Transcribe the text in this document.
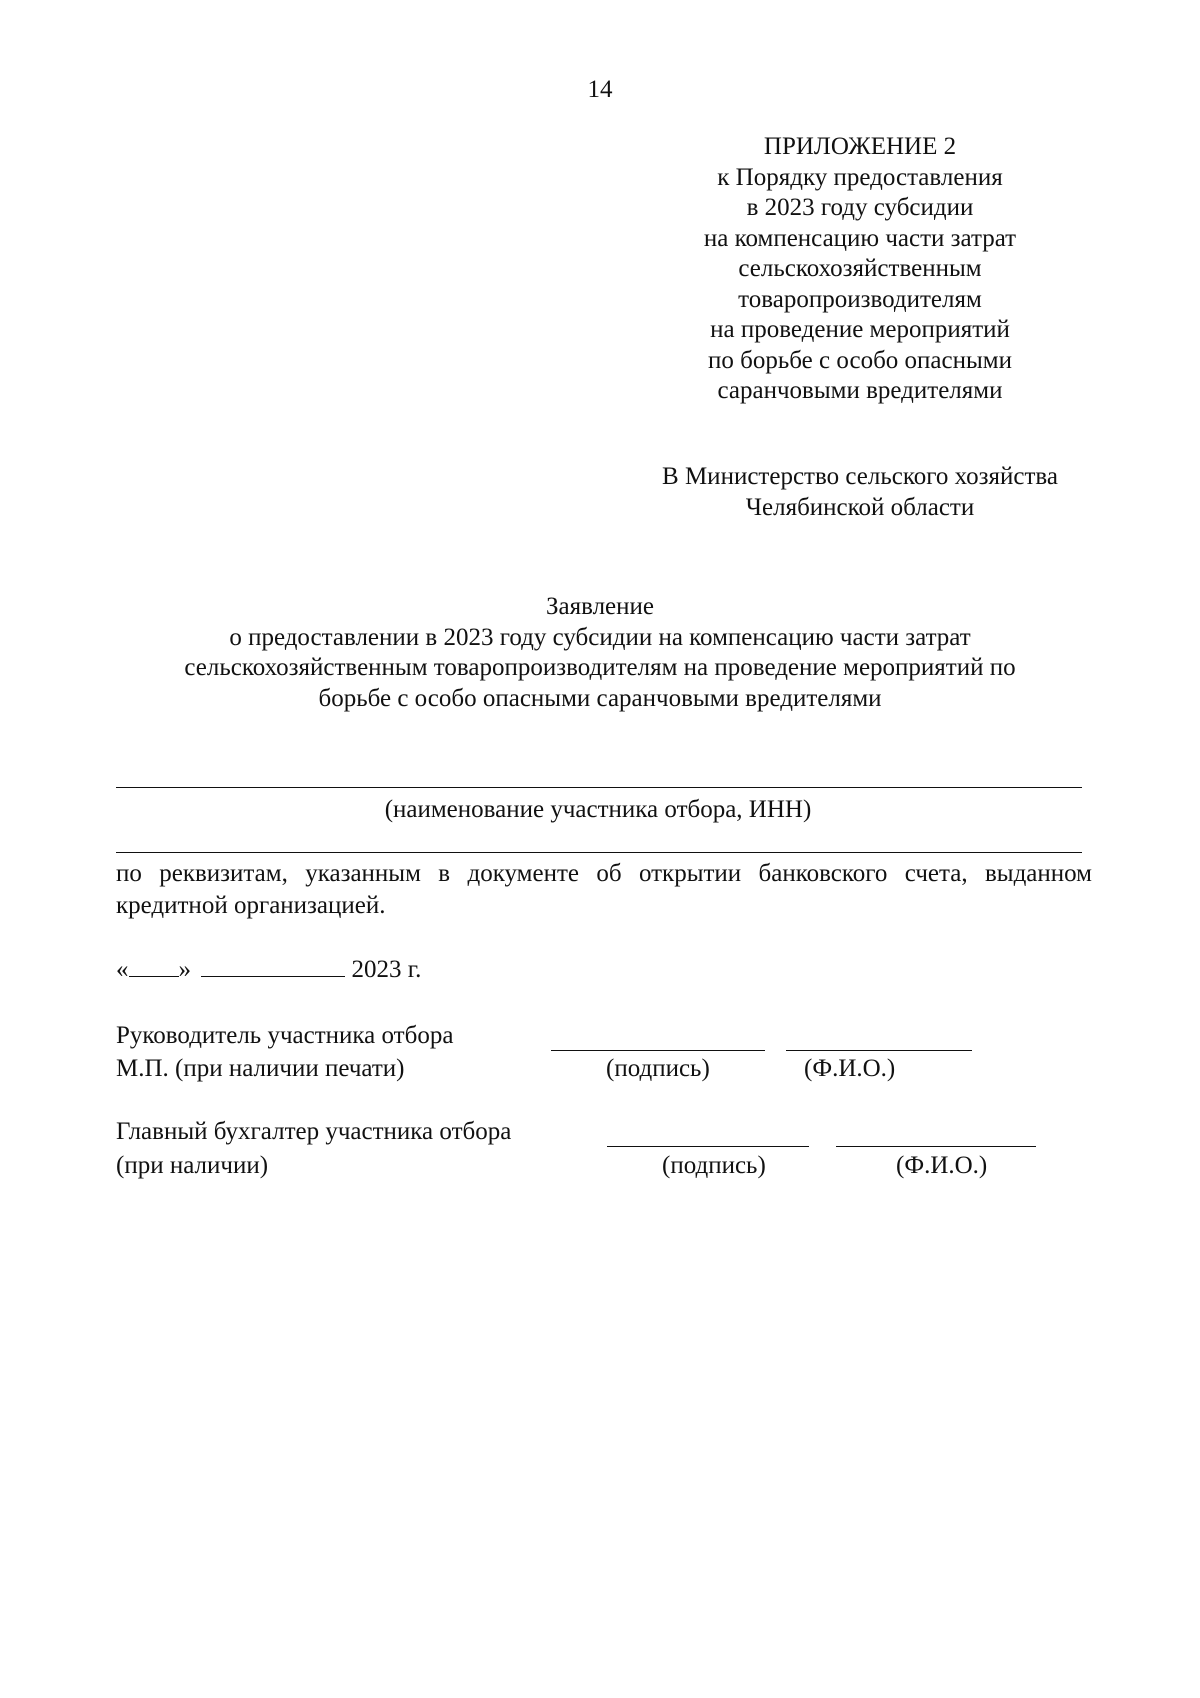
14
ПРИЛОЖЕНИЕ 2
к Порядку предоставления
в 2023 году субсидии
на компенсацию части затрат
сельскохозяйственным
товаропроизводителям
на проведение мероприятий
по борьбе с особо опасными
саранчовыми вредителями
В Министерство сельского хозяйства
Челябинской области
Заявление
о предоставлении в 2023 году субсидии на компенсацию части затрат
сельскохозяйственным товаропроизводителям на проведение мероприятий по
борьбе с особо опасными саранчовыми вредителями
(наименование участника отбора, ИНН)
по реквизитам, указанным в документе об открытии банковского счета, выданном кредитной организацией.
« »	2023 г.
Руководитель участника отбора
М.П. (при наличии печати)	(подпись)	(Ф.И.О.)
Главный бухгалтер участника отбора
(при наличии)	(подпись)	(Ф.И.О.)
